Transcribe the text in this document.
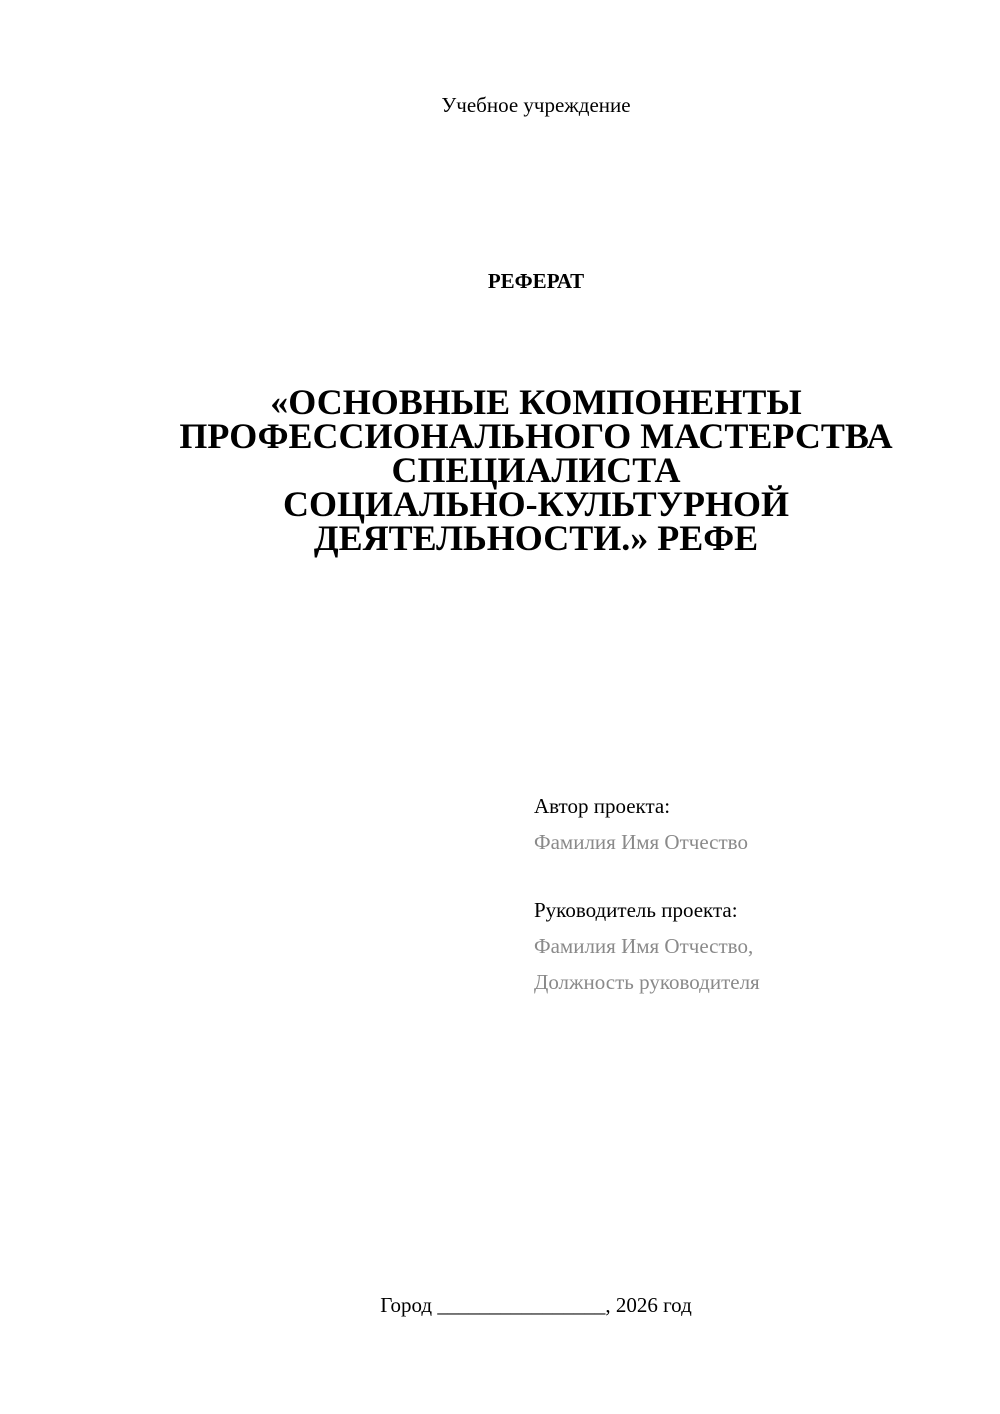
Учебное учреждение
РЕФЕРАТ
«ОСНОВНЫЕ КОМПОНЕНТЫ
ПРОФЕССИОНАЛЬНОГО МАСТЕРСТВА
СПЕЦИАЛИСТА
СОЦИАЛЬНО-КУЛЬТУРНОЙ
ДЕЯТЕЛЬНОСТИ.» РЕФЕ
Автор проекта:
Фамилия Имя Отчество
Руководитель проекта:
Фамилия Имя Отчество,
Должность руководителя
Город ________________, 2026 год
